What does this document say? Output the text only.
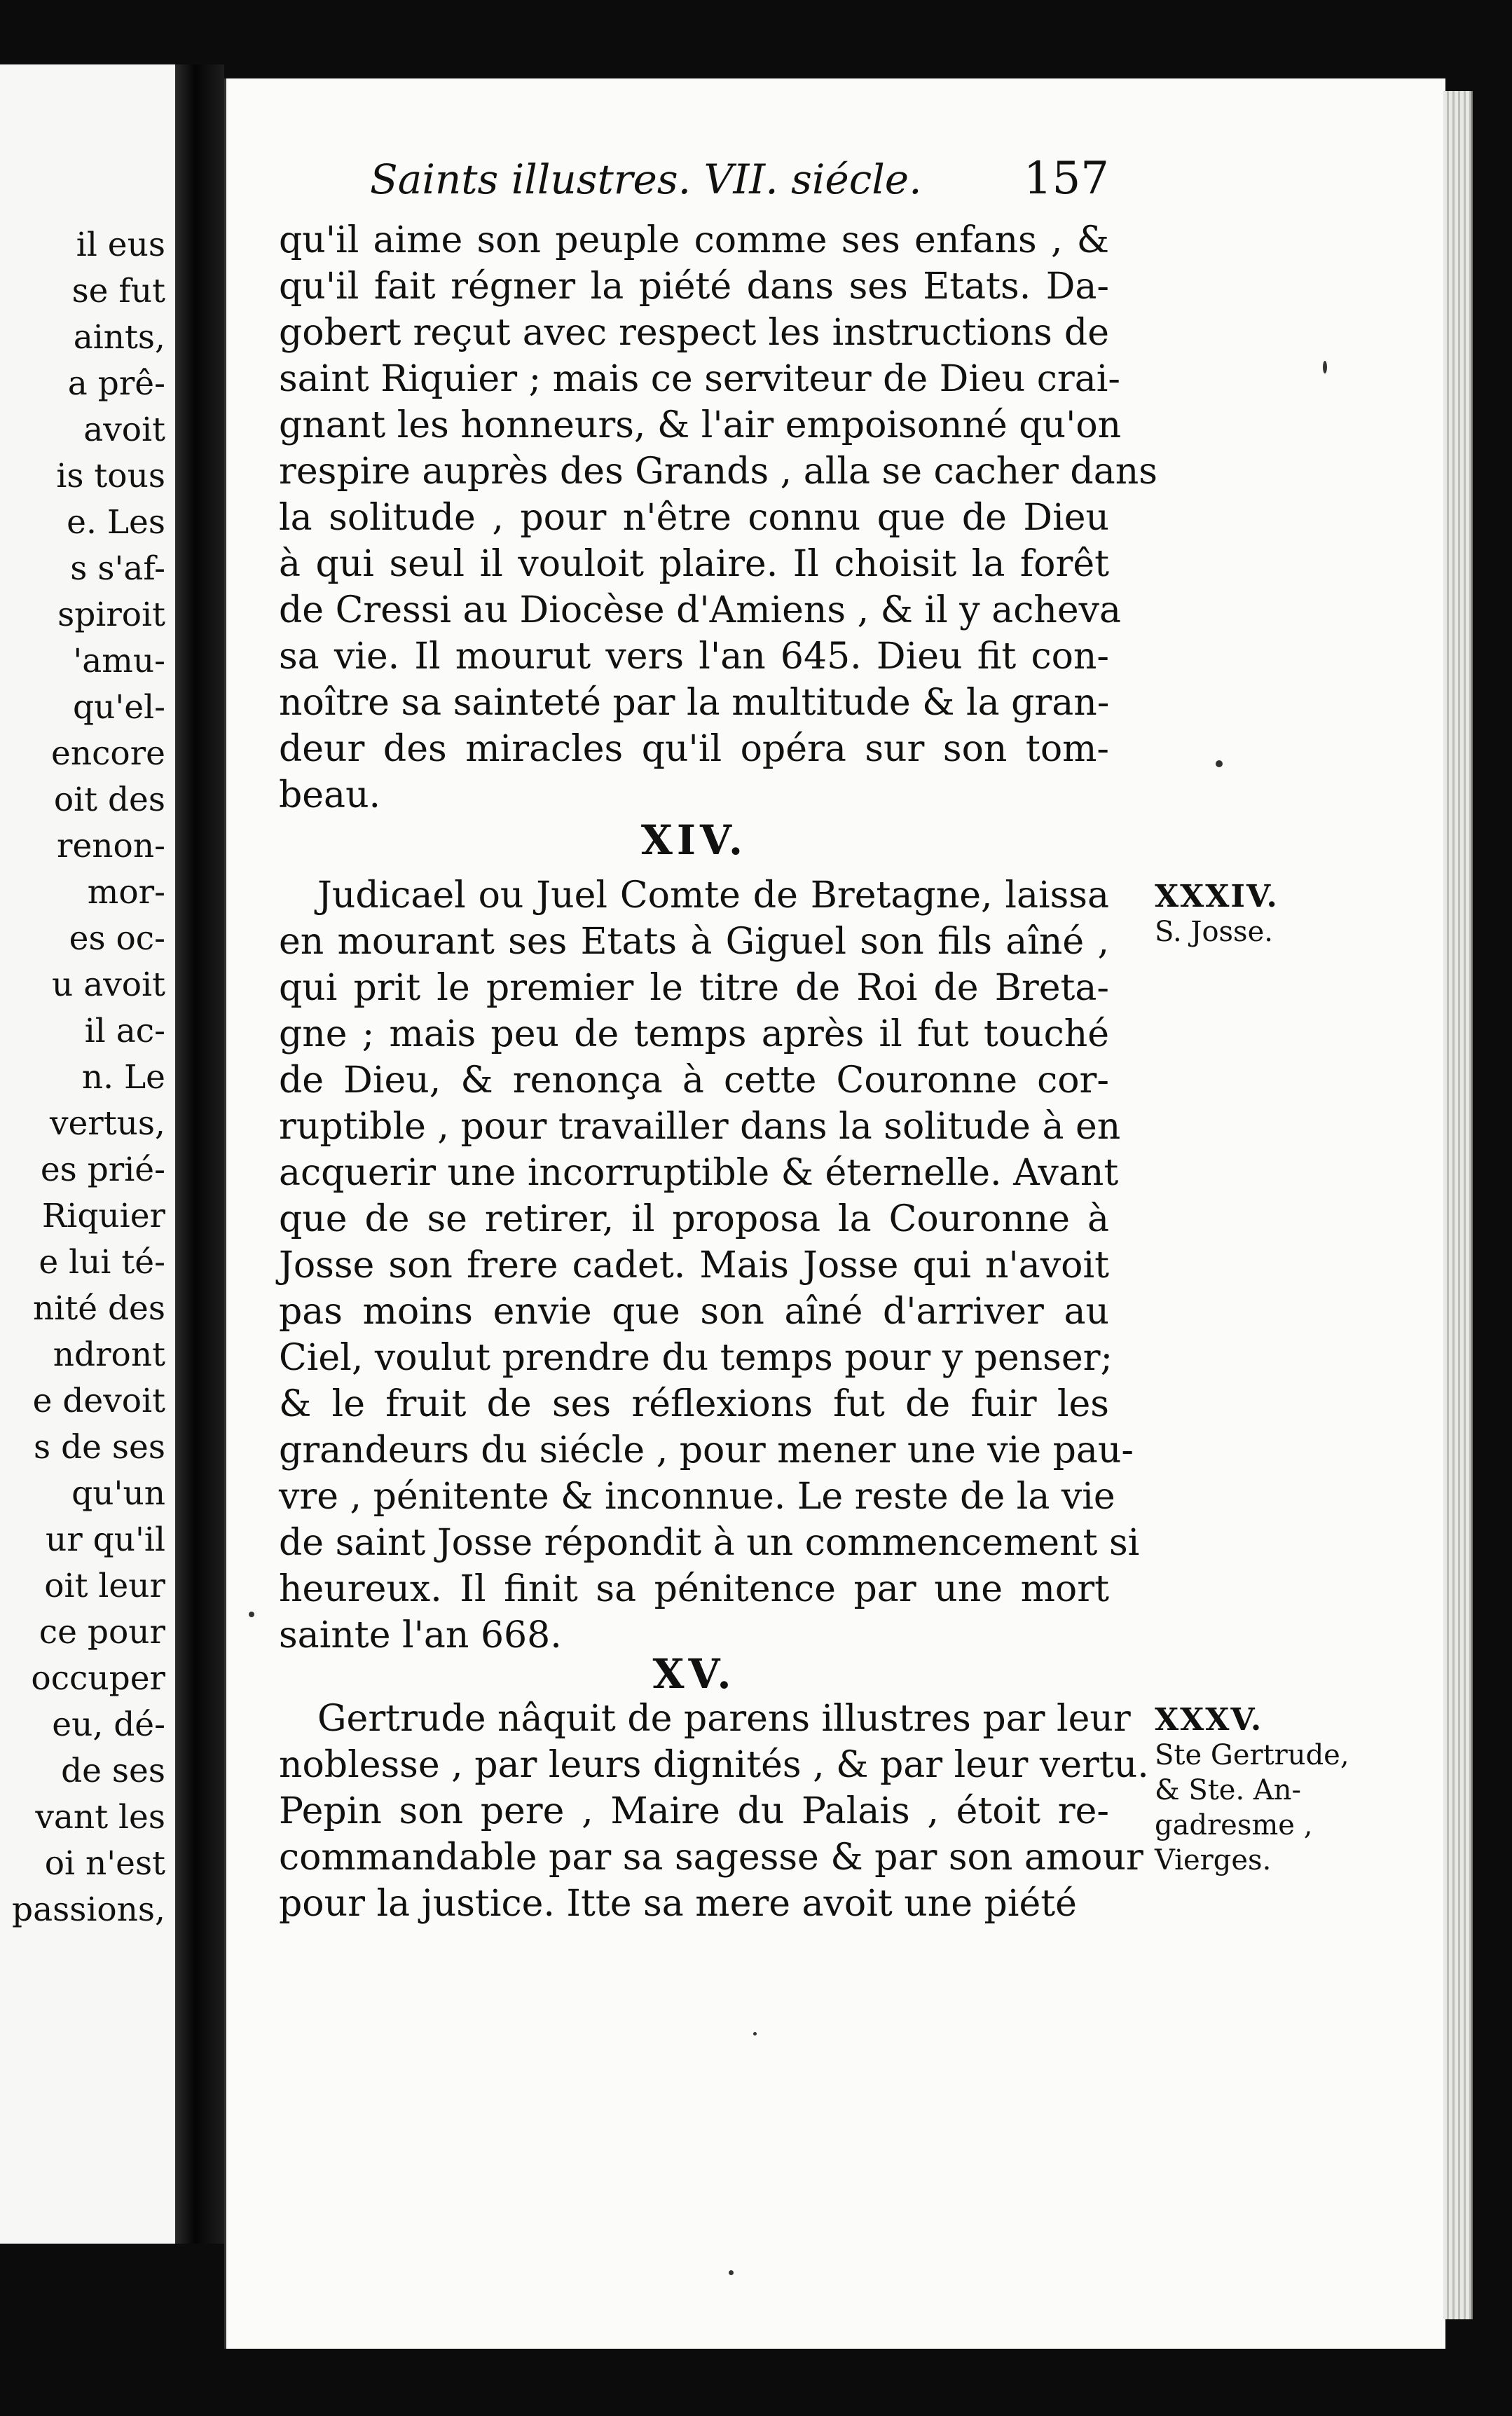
il eus
se fut
aints,
a prê-
avoit
is tous
e. Les
s s'af-
spiroit
'amu-
qu'el-
encore
oit des
renon-
mor-
es oc-
u avoit
il ac-
n. Le
vertus,
es prié-
Riquier
e lui té-
nité des
ndront
e devoit
s de ses
qu'un
ur qu'il
oit leur
ce pour
occuper
eu, dé-
de ses
vant les
oi n'est
passions,
Saints illustres. VII. siécle. 157
qu'il aime son peuple comme ses enfans , &
qu'il fait régner la piété dans ses Etats. Da-
gobert reçut avec respect les instructions de
saint Riquier ; mais ce serviteur de Dieu crai-
gnant les honneurs, & l'air empoisonné qu'on
respire auprès des Grands , alla se cacher dans
la solitude , pour n'être connu que de Dieu
à qui seul il vouloit plaire. Il choisit la forêt
de Cressi au Diocèse d'Amiens , & il y acheva
sa vie. Il mourut vers l'an 645. Dieu fit con-
noître sa sainteté par la multitude & la gran-
deur des miracles qu'il opéra sur son tom-
beau.
XIV.
Judicael ou Juel Comte de Bretagne, laissa
en mourant ses Etats à Giguel son fils aîné ,
qui prit le premier le titre de Roi de Breta-
gne ; mais peu de temps après il fut touché
de Dieu, & renonça à cette Couronne cor-
ruptible , pour travailler dans la solitude à en
acquerir une incorruptible & éternelle. Avant
que de se retirer, il proposa la Couronne à
Josse son frere cadet. Mais Josse qui n'avoit
pas moins envie que son aîné d'arriver au
Ciel, voulut prendre du temps pour y penser;
& le fruit de ses réflexions fut de fuir les
grandeurs du siécle , pour mener une vie pau-
vre , pénitente & inconnue. Le reste de la vie
de saint Josse répondit à un commencement si
heureux. Il finit sa pénitence par une mort
sainte l'an 668.
XXXIV.
S. Josse.
XV.
Gertrude nâquit de parens illustres par leur
noblesse , par leurs dignités , & par leur vertu.
Pepin son pere , Maire du Palais , étoit re-
commandable par sa sagesse & par son amour
pour la justice. Itte sa mere avoit une piété
XXXV.
Ste Gertrude,
& Ste. An-
gadresme ,
Vierges.
